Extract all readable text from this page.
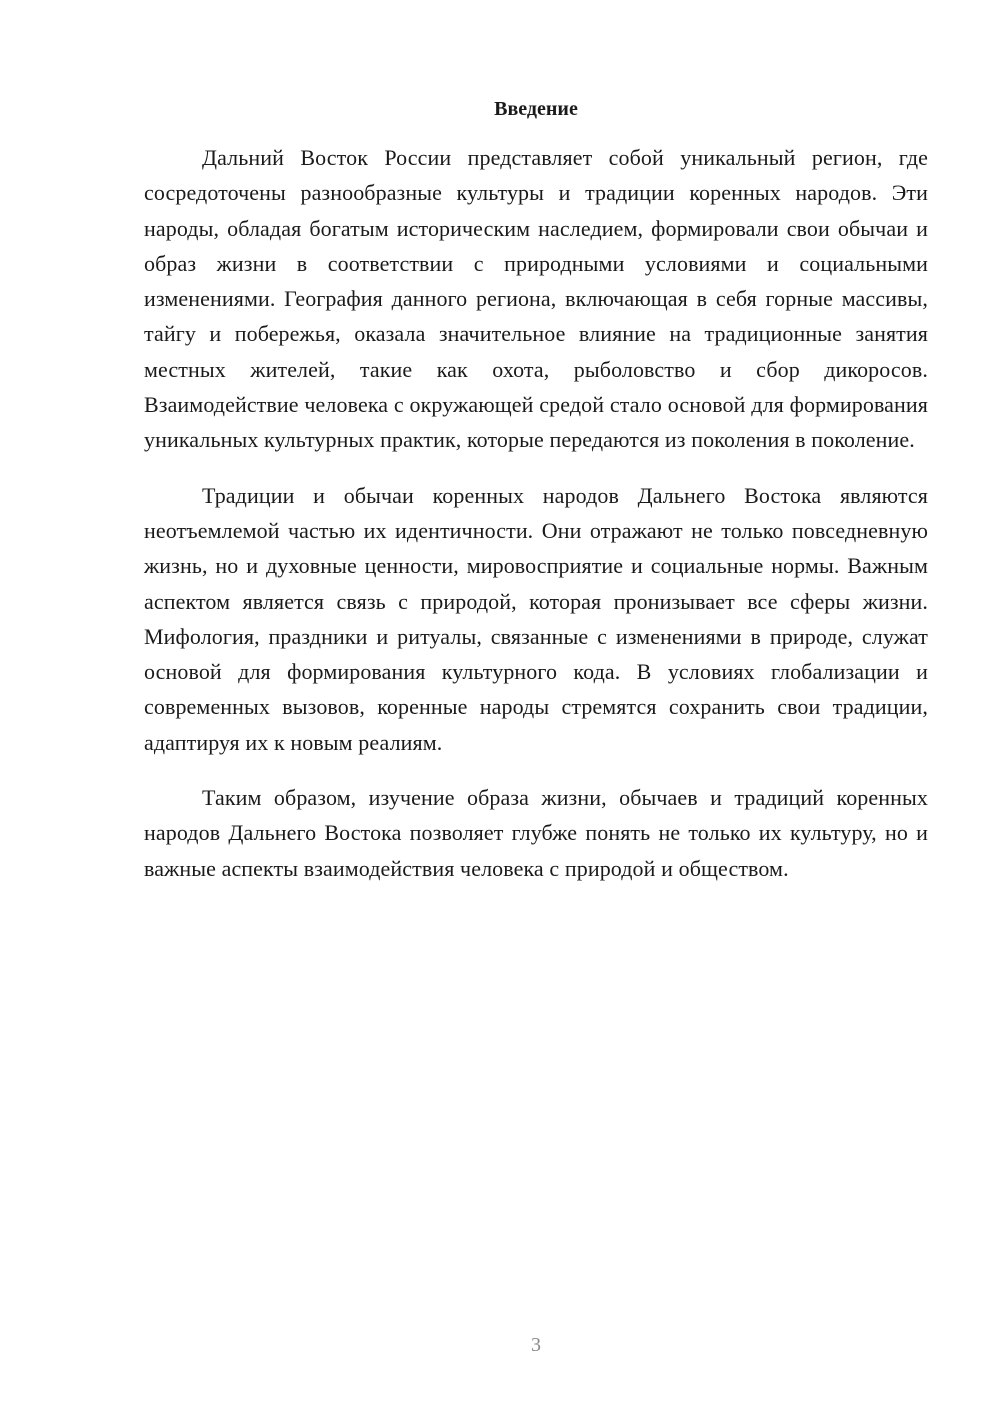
Введение

Дальний Восток России представляет собой уникальный регион, где сосредоточены разнообразные культуры и традиции коренных народов. Эти народы, обладая богатым историческим наследием, формировали свои обычаи и образ жизни в соответствии с природными условиями и социальными изменениями. География данного региона, включающая в себя горные массивы, тайгу и побережья, оказала значительное влияние на традиционные занятия местных жителей, такие как охота, рыболовство и сбор дикоросов. Взаимодействие человека с окружающей средой стало основой для формирования уникальных культурных практик, которые передаются из поколения в поколение.

Традиции и обычаи коренных народов Дальнего Востока являются неотъемлемой частью их идентичности. Они отражают не только повседневную жизнь, но и духовные ценности, мировосприятие и социальные нормы. Важным аспектом является связь с природой, которая пронизывает все сферы жизни. Мифология, праздники и ритуалы, связанные с изменениями в природе, служат основой для формирования культурного кода. В условиях глобализации и современных вызовов, коренные народы стремятся сохранить свои традиции, адаптируя их к новым реалиям.

Таким образом, изучение образа жизни, обычаев и традиций коренных народов Дальнего Востока позволяет глубже понять не только их культуру, но и важные аспекты взаимодействия человека с природой и обществом.

3
